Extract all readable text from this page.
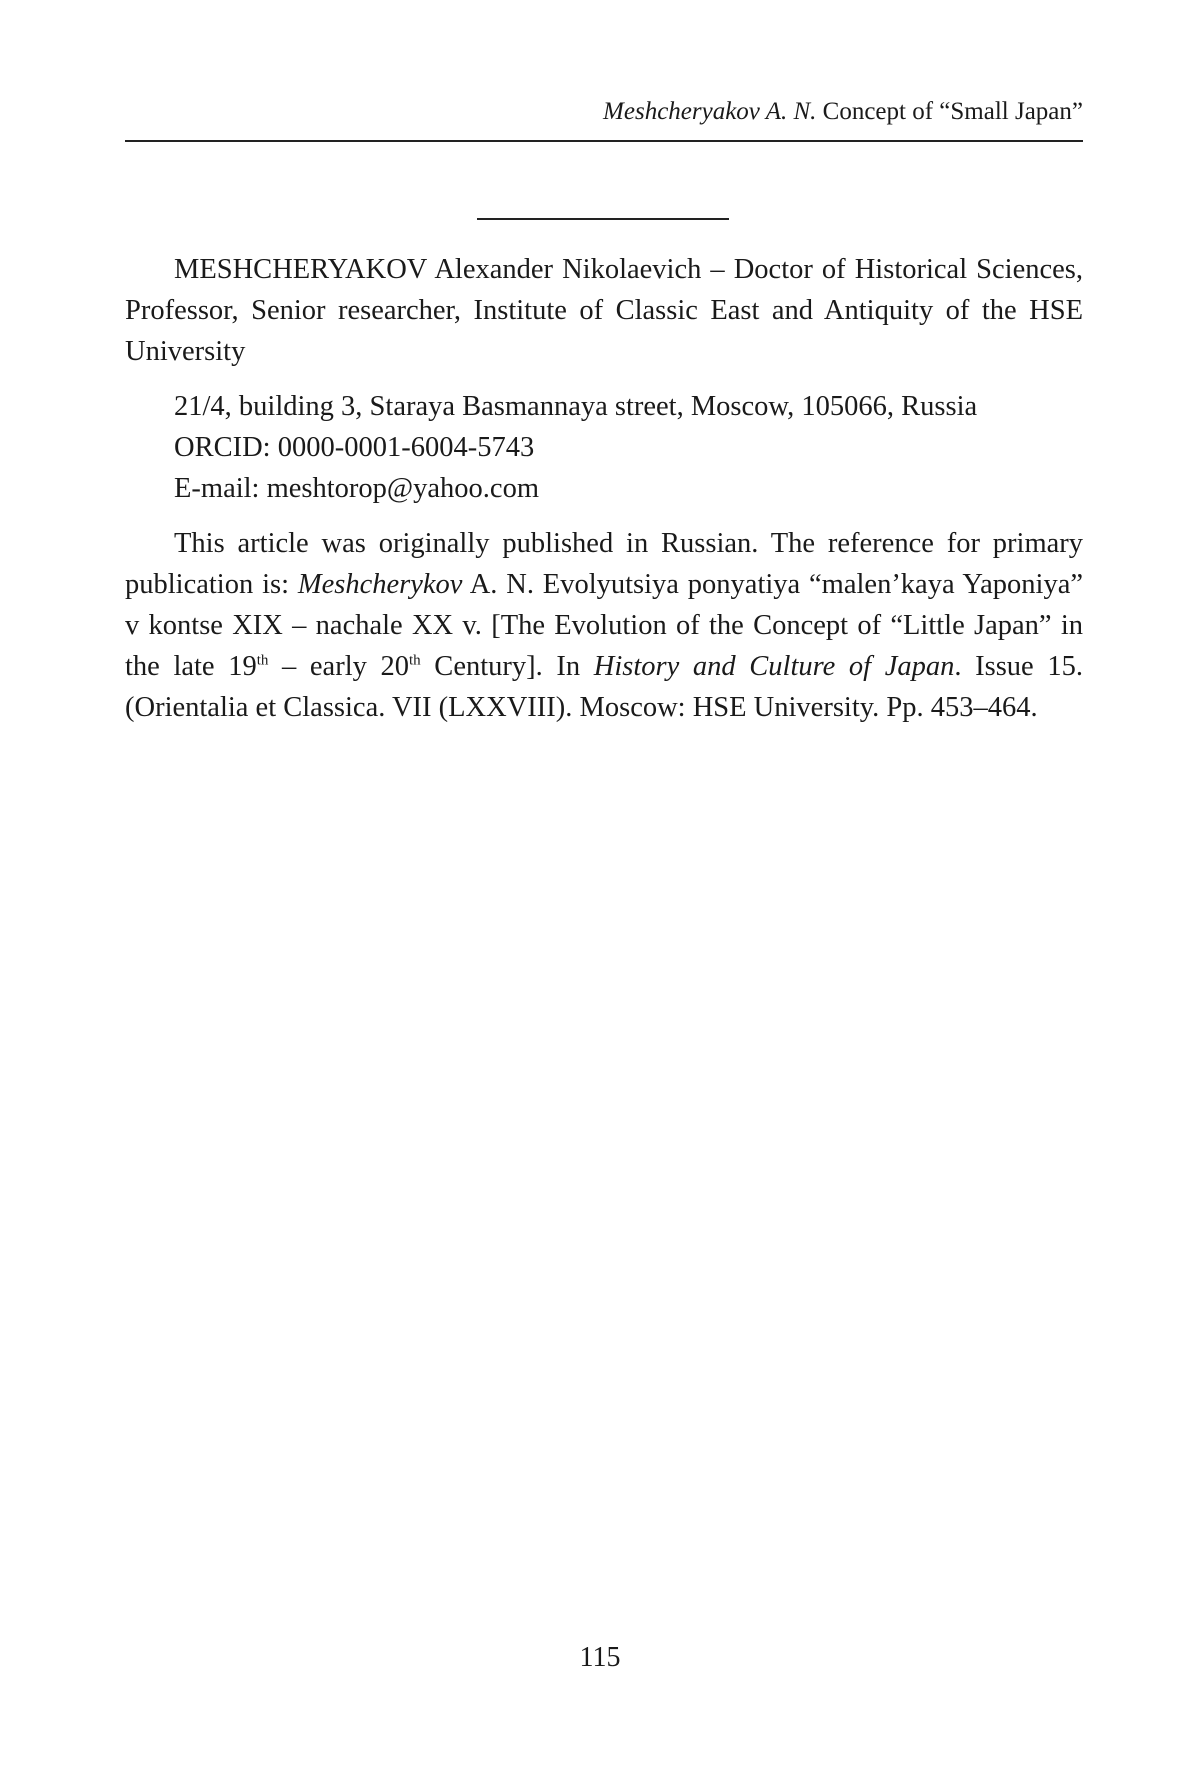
Meshcheryakov A. N. Concept of “Small Japan”

MESHCHERYAKOV Alexander Nikolaevich – Doctor of Historical Sciences, Professor, Senior researcher, Institute of Classic East and Antiquity of the HSE University

21/4, building 3, Staraya Basmannaya street, Moscow, 105066, Russia
ORCID: 0000-0001-6004-5743
E-mail: meshtorop@yahoo.com

This article was originally published in Russian. The reference for primary publication is: Meshcherykov A. N. Evolyutsiya ponyatiya “malen’kaya Yaponiya” v kontse XIX – nachale XX v. [The Evolution of the Concept of “Little Japan” in the late 19th – early 20th Century]. In History and Culture of Japan. Issue 15. (Orientalia et Classica. VII (LXXVIII). Moscow: HSE University. Pp. 453–464.

115
